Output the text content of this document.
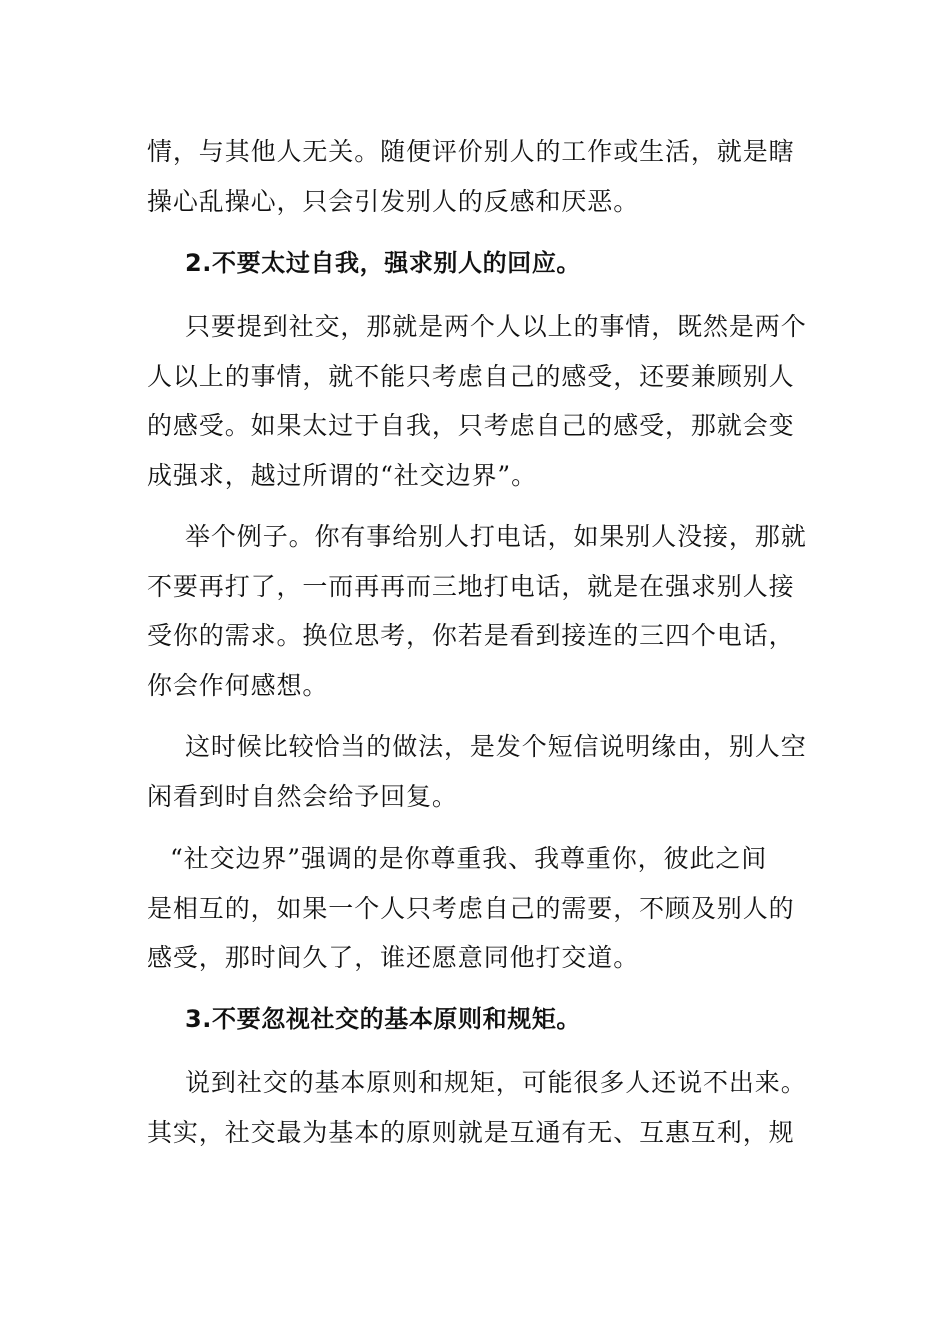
情，与其他人无关。随便评价别人的工作或生活，就是瞎
操心乱操心，只会引发别人的反感和厌恶。
2.不要太过自我，强求别人的回应。
只要提到社交，那就是两个人以上的事情，既然是两个
人以上的事情，就不能只考虑自己的感受，还要兼顾别人
的感受。如果太过于自我，只考虑自己的感受，那就会变
成强求，越过所谓的“社交边界”。
举个例子。你有事给别人打电话，如果别人没接，那就
不要再打了，一而再再而三地打电话，就是在强求别人接
受你的需求。换位思考，你若是看到接连的三四个电话，
你会作何感想。
这时候比较恰当的做法，是发个短信说明缘由，别人空
闲看到时自然会给予回复。
“社交边界”强调的是你尊重我、我尊重你，彼此之间
是相互的，如果一个人只考虑自己的需要，不顾及别人的
感受，那时间久了，谁还愿意同他打交道。
3.不要忽视社交的基本原则和规矩。
说到社交的基本原则和规矩，可能很多人还说不出来。
其实，社交最为基本的原则就是互通有无、互惠互利，规
